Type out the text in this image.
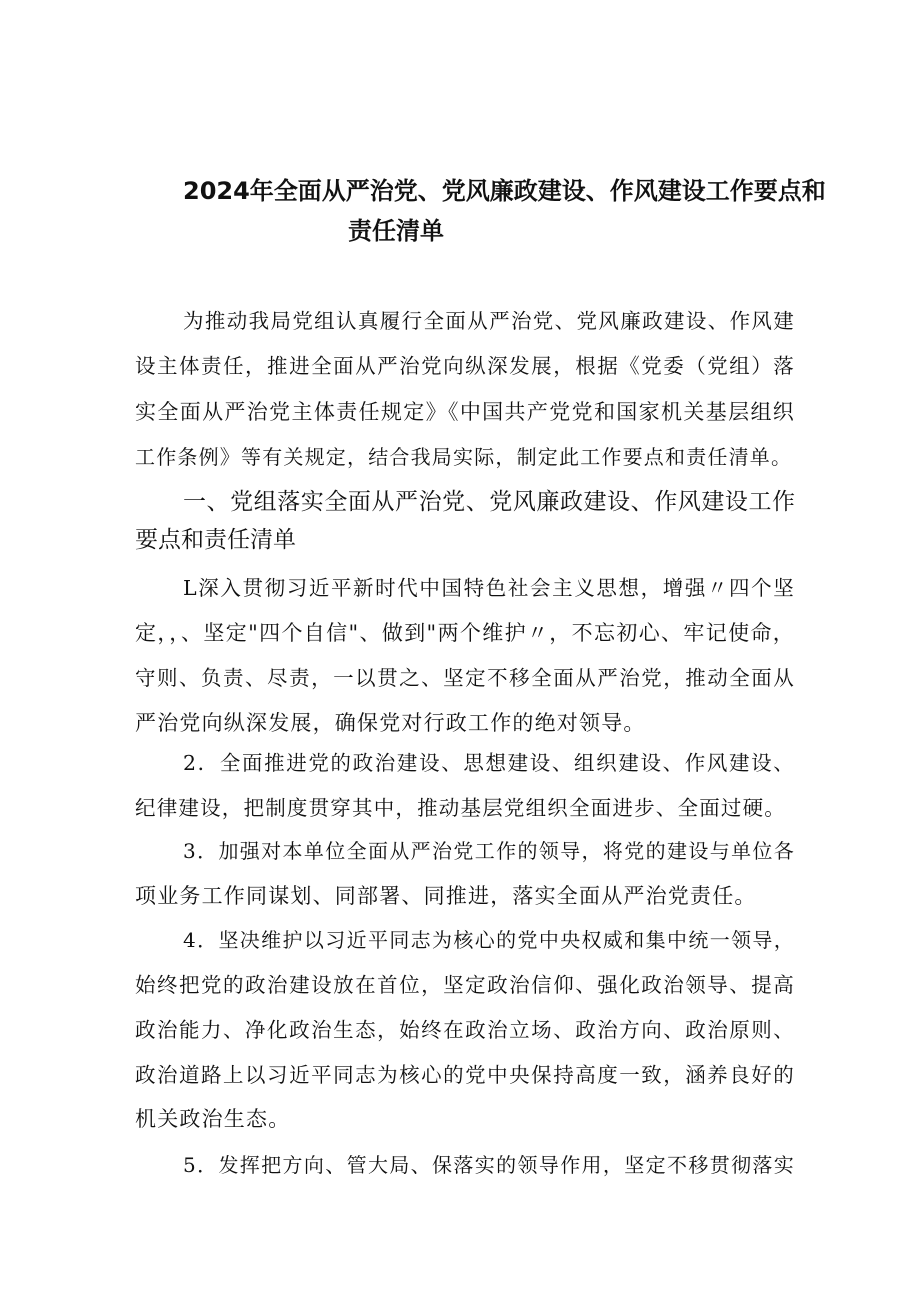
2024年全面从严治党、党风廉政建设、作风建设工作要点和
责任清单
为推动我局党组认真履行全面从严治党、党风廉政建设、作风建
设主体责任，推进全面从严治党向纵深发展，根据《党委（党组）落
实全面从严治党主体责任规定》《中国共产党党和国家机关基层组织
工作条例》等有关规定，结合我局实际，制定此工作要点和责任清单。
一、党组落实全面从严治党、党风廉政建设、作风建设工作
要点和责任清单
L深入贯彻习近平新时代中国特色社会主义思想，增强〃四个坚
定，，、坚定"四个自信"、做到"两个维护〃，不忘初心、牢记使命，
守则、负责、尽责，一以贯之、坚定不移全面从严治党，推动全面从
严治党向纵深发展，确保党对行政工作的绝对领导。
2．全面推进党的政治建设、思想建设、组织建设、作风建设、
纪律建设，把制度贯穿其中，推动基层党组织全面进步、全面过硬。
3．加强对本单位全面从严治党工作的领导，将党的建设与单位各
项业务工作同谋划、同部署、同推进，落实全面从严治党责任。
4．坚决维护以习近平同志为核心的党中央权威和集中统一领导，
始终把党的政治建设放在首位，坚定政治信仰、强化政治领导、提高
政治能力、净化政治生态，始终在政治立场、政治方向、政治原则、
政治道路上以习近平同志为核心的党中央保持高度一致，涵养良好的
机关政治生态。
5．发挥把方向、管大局、保落实的领导作用，坚定不移贯彻落实
